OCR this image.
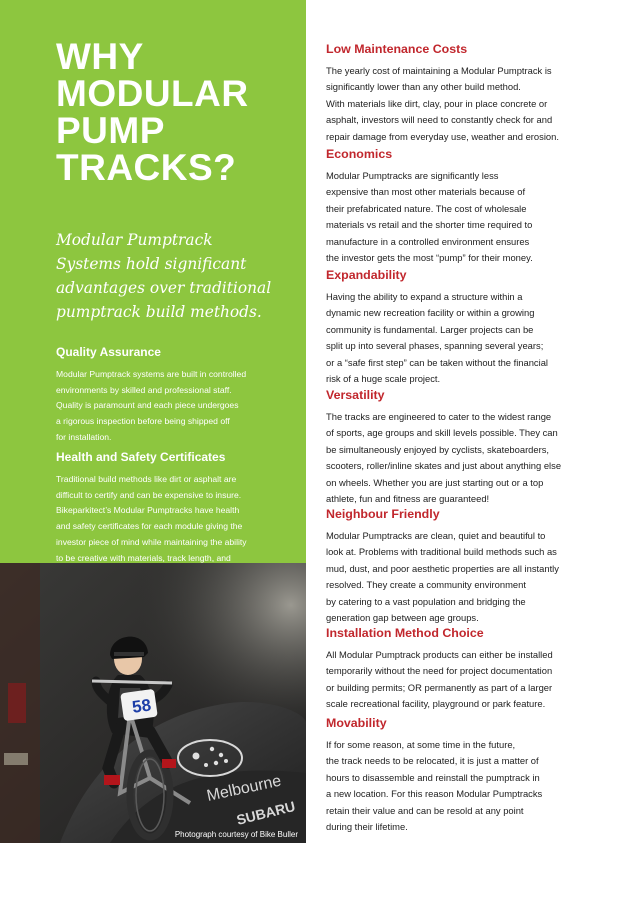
WHY
MODULAR
PUMP
TRACKS?

Modular Pumptrack
Systems hold significant
advantages over traditional
pumptrack build methods.

Quality Assurance

Modular Pumptrack systems are built in controlled
environments by skilled and professional staff.
Quality is paramount and each piece undergoes
a rigorous inspection before being shipped off
for installation.

Health and Safety Certificates

Traditional build methods like dirt or asphalt are
difficult to certify and can be expensive to insure.
Bikeparkitect’s Modular Pumptracks have health
and safety certificates for each module giving the
investor piece of mind while maintaining the ability
to be creative with materials, track length, and

Melbourne
SUBARU
58
Photograph courtesy of Bike Buller
Low Maintenance Costs

The yearly cost of maintaining a Modular Pumptrack is
significantly lower than any other build method.
With materials like dirt, clay, pour in place concrete or
asphalt, investors will need to constantly check for and
repair damage from everyday use, weather and erosion.

Economics

Modular Pumptracks are significantly less
expensive than most other materials because of
their prefabricated nature. The cost of wholesale
materials vs retail and the shorter time required to
manufacture in a controlled environment ensures
the investor gets the most “pump” for their money.

Expandability

Having the ability to expand a structure within a
dynamic new recreation facility or within a growing
community is fundamental. Larger projects can be
split up into several phases, spanning several years;
or a “safe first step” can be taken without the financial
risk of a huge scale project.

Versatility

The tracks are engineered to cater to the widest range
of sports, age groups and skill levels possible. They can
be simultaneously enjoyed by cyclists, skateboarders,
scooters, roller/inline skates and just about anything else
on wheels. Whether you are just starting out or a top
athlete, fun and fitness are guaranteed!

Neighbour Friendly

Modular Pumptracks are clean, quiet and beautiful to
look at. Problems with traditional build methods such as
mud, dust, and poor aesthetic properties are all instantly
resolved. They create a community environment
by catering to a vast population and bridging the
generation gap between age groups.

Installation Method Choice

All Modular Pumptrack products can either be installed
temporarily without the need for project documentation
or building permits; OR permanently as part of a larger
scale recreational facility, playground or park feature.

Movability

If for some reason, at some time in the future,
the track needs to be relocated, it is just a matter of
hours to disassemble and reinstall the pumptrack in
a new location. For this reason Modular Pumptracks
retain their value and can be resold at any point
during their lifetime.
